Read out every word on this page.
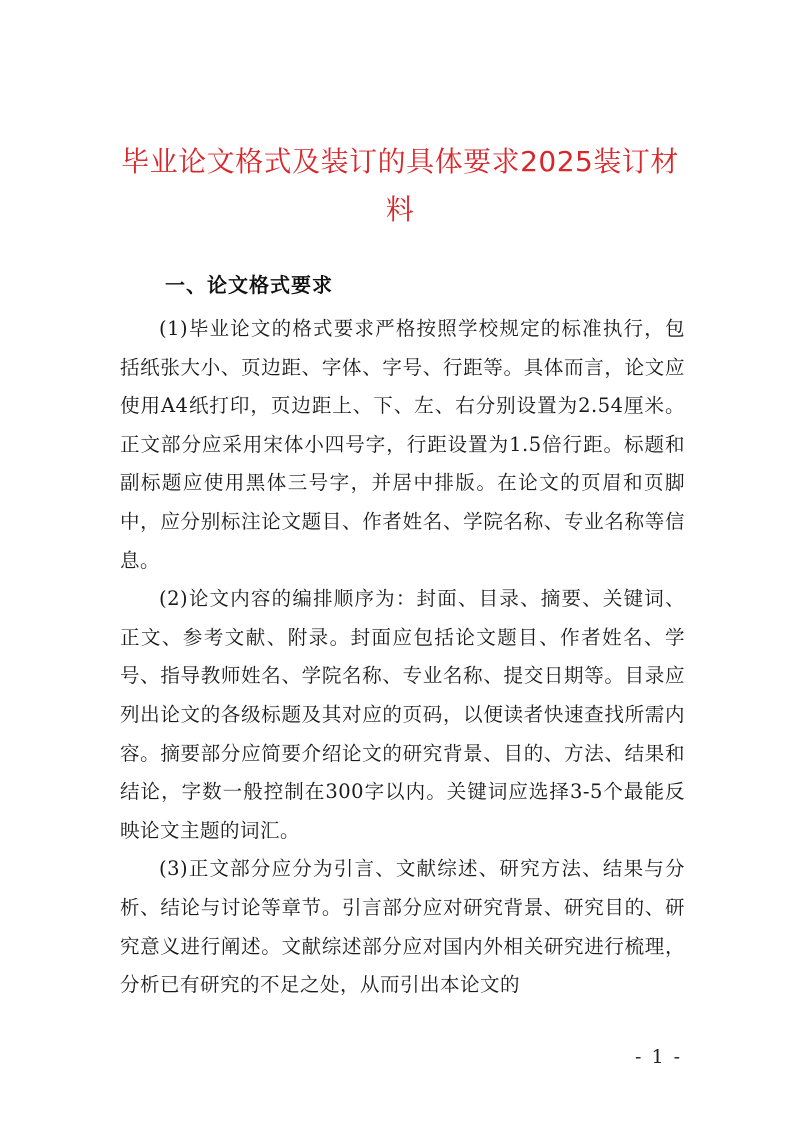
毕业论文格式及装订的具体要求2025装订材料
一、论文格式要求

(1)毕业论文的格式要求严格按照学校规定的标准执行，包括纸张大小、页边距、字体、字号、行距等。具体而言，论文应使用A4纸打印，页边距上、下、左、右分别设置为2.54厘米。正文部分应采用宋体小四号字，行距设置为1.5倍行距。标题和副标题应使用黑体三号字，并居中排版。在论文的页眉和页脚中，应分别标注论文题目、作者姓名、学院名称、专业名称等信息。

(2)论文内容的编排顺序为：封面、目录、摘要、关键词、正文、参考文献、附录。封面应包括论文题目、作者姓名、学号、指导教师姓名、学院名称、专业名称、提交日期等。目录应列出论文的各级标题及其对应的页码，以便读者快速查找所需内容。摘要部分应简要介绍论文的研究背景、目的、方法、结果和结论，字数一般控制在300字以内。关键词应选择3-5个最能反映论文主题的词汇。

(3)正文部分应分为引言、文献综述、研究方法、结果与分析、结论与讨论等章节。引言部分应对研究背景、研究目的、研究意义进行阐述。文献综述部分应对国内外相关研究进行梳理，分析已有研究的不足之处，从而引出本论文的

- 1 -
